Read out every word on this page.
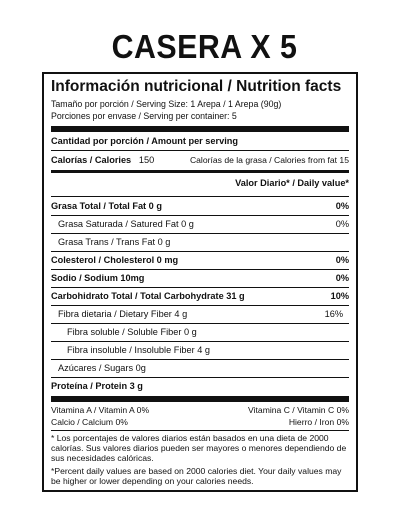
CASERA X 5
Información nutricional / Nutrition facts
Tamaño por porción / Serving Size: 1 Arepa / 1 Arepa (90g)
Porciones por envase / Serving per container: 5
Cantidad por porción / Amount per serving
Calorías / Calories 150	Calorías de la grasa / Calories from fat 15
Valor Diario* / Daily value*
Grasa Total / Total Fat 0 g	0%
Grasa Saturada / Satured Fat 0 g	0%
Grasa Trans / Trans Fat 0 g
Colesterol / Cholesterol 0 mg	0%
Sodio / Sodium 10mg	0%
Carbohidrato Total / Total Carbohydrate 31 g	10%
Fibra dietaria / Dietary Fiber 4 g	16%
Fibra soluble / Soluble Fiber 0 g
Fibra insoluble / Insoluble Fiber 4 g
Azúcares / Sugars 0g
Proteína / Protein 3 g
Vitamina A / Vitamin A 0%	Vitamina C / Vitamin C 0%
Calcio / Calcium 0%	Hierro / Iron 0%
* Los porcentajes de valores diarios están basados en una dieta de 2000 calorías. Sus valores diarios pueden ser mayores o menores dependiendo de sus necesidades calóricas.
*Percent daily values are based on 2000 calories diet. Your daily values may be higher or lower depending on your calories needs.
